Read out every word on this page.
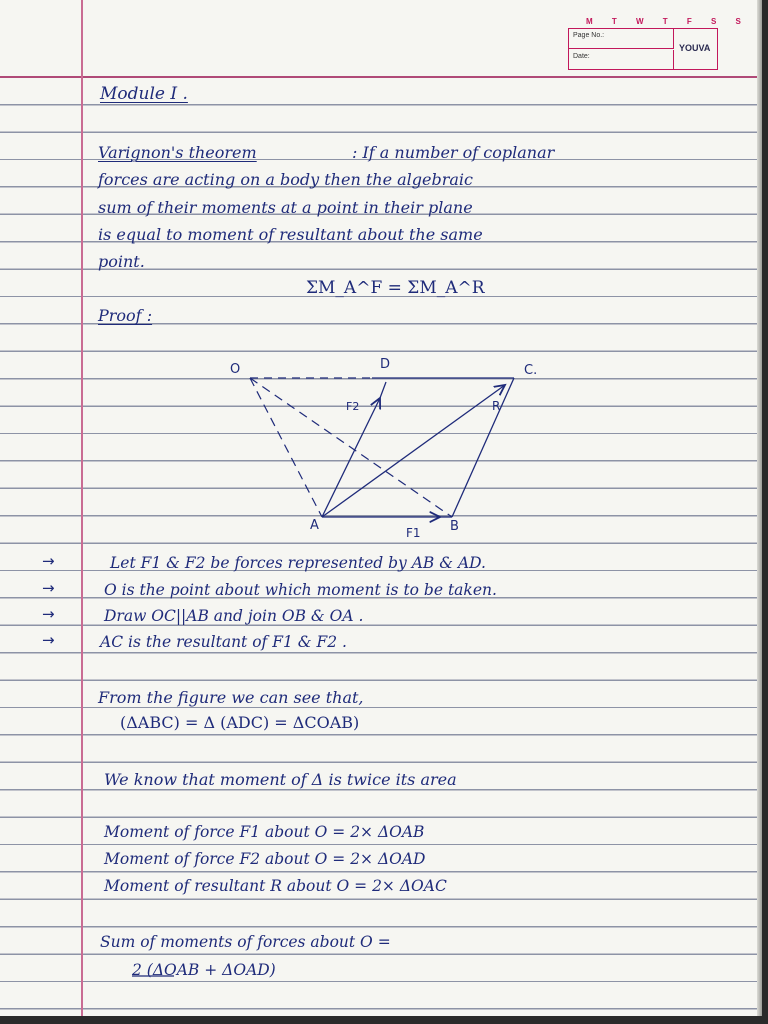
M T W T F S S
Page No.:
Date:
YOUVA
Module I .
Varignon's theorem	: If a number of coplanar
forces are acting on a body then the algebraic
sum of their moments at a point in their plane
is equal to moment of resultant about the same
point.
ΣM_A^F = ΣM_A^R
Proof :
O	D	C.
F2	R
A	F1 B
→
→
→
→
Let F1 & F2 be forces represented by AB & AD.
O is the point about which moment is to be taken.
Draw OC||AB and join OB & OA .
AC is the resultant of F1 & F2 .
From the figure we can see that,
(ΔABC) = Δ (ADC) = ΔCOAB)
We know that moment of Δ is twice its area
Moment of force F1 about O = 2× ΔOAB
Moment of force F2 about O = 2× ΔOAD
Moment of resultant R about O = 2× ΔOAC
Sum of moments of forces about O =
2 (ΔOAB + ΔOAD)
